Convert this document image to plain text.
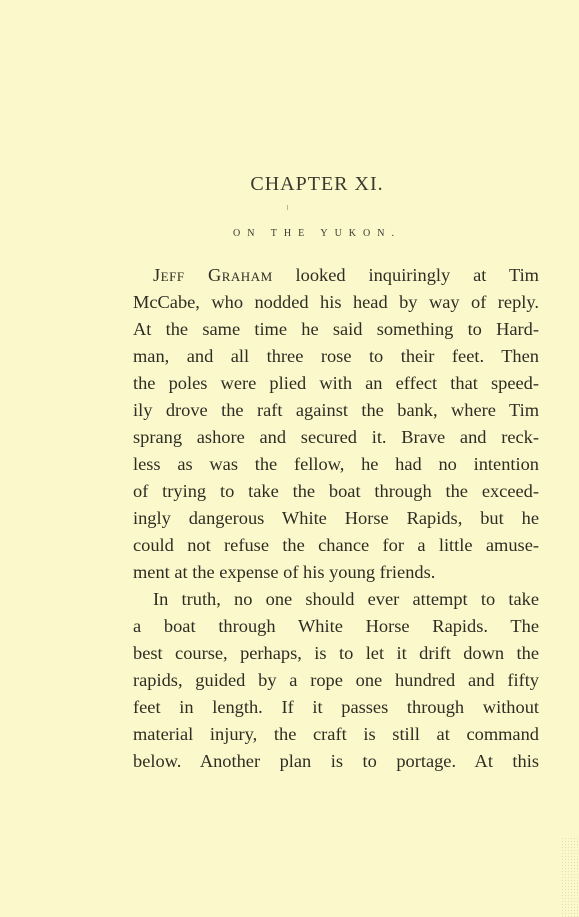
CHAPTER XI.
ON THE YUKON.
Jeff Graham looked inquiringly at Tim
McCabe, who nodded his head by way of reply.
At the same time he said something to Hard-
man, and all three rose to their feet. Then
the poles were plied with an effect that speed-
ily drove the raft against the bank, where Tim
sprang ashore and secured it. Brave and reck-
less as was the fellow, he had no intention
of trying to take the boat through the exceed-
ingly dangerous White Horse Rapids, but he
could not refuse the chance for a little amuse-
ment at the expense of his young friends.
In truth, no one should ever attempt to take
a boat through White Horse Rapids. The
best course, perhaps, is to let it drift down the
rapids, guided by a rope one hundred and fifty
feet in length. If it passes through without
material injury, the craft is still at command
below. Another plan is to portage. At this
